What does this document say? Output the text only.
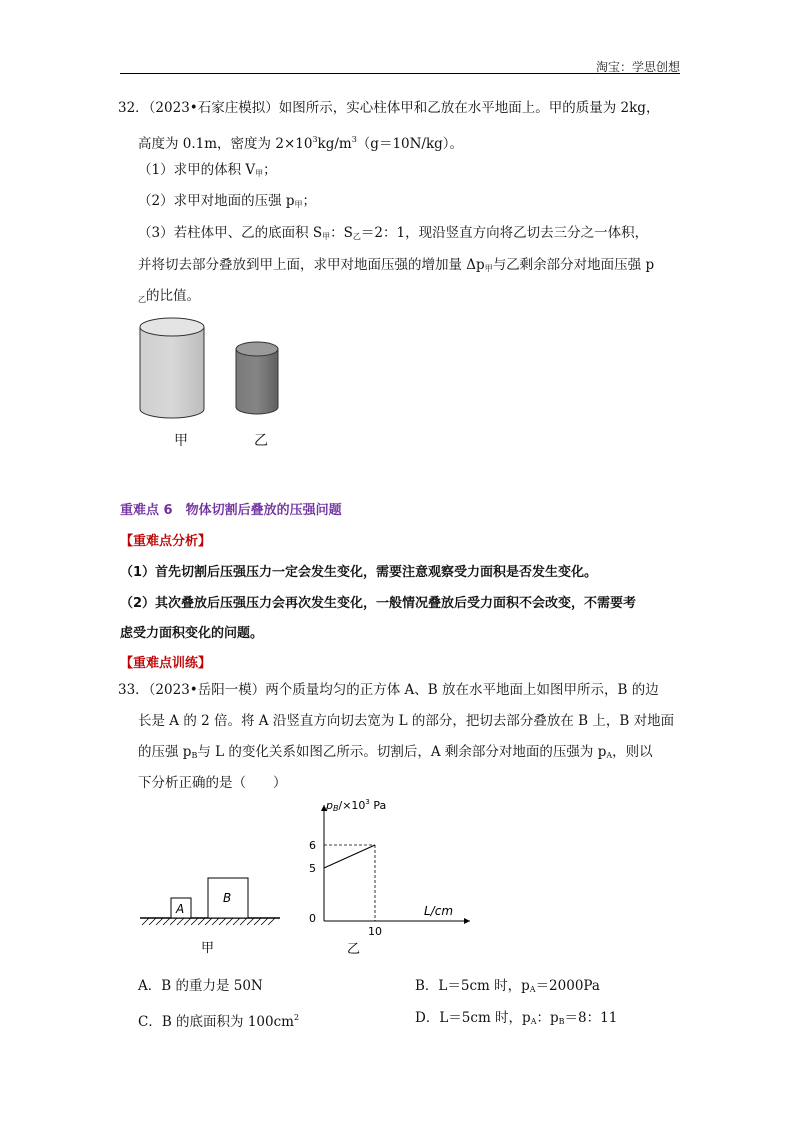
淘宝：学思创想
32．（2023•石家庄模拟）如图所示，实心柱体甲和乙放在水平地面上。甲的质量为 2kg，
高度为 0.1m，密度为 $2\times 10^3kg/m^3(g=10N/kg)$。
（1）求甲的体积 $V_甲$；
（2）求甲对地面的压强 $p_甲$；
（3）若柱体甲、乙的底面积 $S_甲$：$S_乙=2$：1，现沿竖直方向将乙切去三分之一体积，
并将切去部分叠放到甲上面，求甲对地面压强的增加量 $\Delta p_甲$与乙剩余部分对地面压强 p
$_乙$的比值。
甲	乙
重难点 6　物体切割后叠放的压强问题
【重难点分析】
（1）首先切割后压强压力一定会发生变化，需要注意观察受力面积是否发生变化。
（2）其次叠放后压强压力会再次发生变化，一般情况叠放后受力面积不会改变，不需要考
虑受力面积变化的问题。
【重难点训练】
33．（2023•岳阳一模）两个质量均匀的正方体 A、B 放在水平地面上如图甲所示，B 的边
长是 A 的 2 倍。将 A 沿竖直方向切去宽为 L 的部分，把切去部分叠放在 B 上，B 对地面
的压强 $p_B$与 L 的变化关系如图乙所示。切割后，A 剩余部分对地面的压强为 $p_A$，则以
下分析正确的是（　　）
A
B
甲
$pB/\times 10^3$ Pa
L/cm
6
5
0
10
乙
A．B 的重力是 50N	B．L＝5cm 时，$p_A=2000Pa$
C．B 的底面积为 $100cm^2$	D．L＝5cm 时，$p_A$：$p_B=8$：11
